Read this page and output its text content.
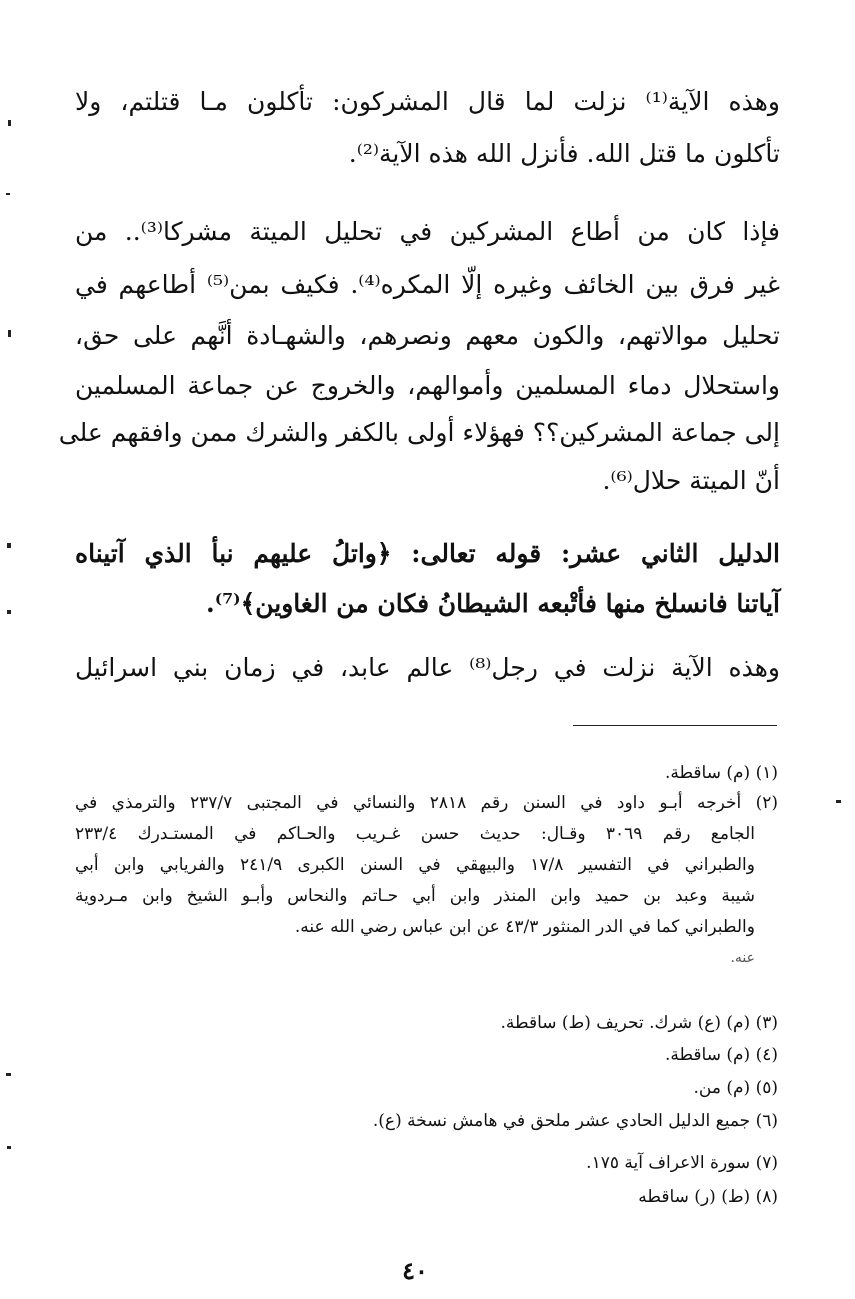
وهذه الآية⁽¹⁾ نزلت لما قال المشركون: تأكلون مـا قتلتم، ولا
تأكلون ما قتل الله. فأنزل الله هذه الآية⁽²⁾.
فإذا كان من أطاع المشركين في تحليل الميتة مشركا⁽³⁾.. من
غير فرق بين الخائف وغيره إلّا المكره⁽⁴⁾. فكيف بمن⁽⁵⁾ أطاعهم في
تحليل موالاتهم، والكون معهم ونصرهم، والشهـادة أنَّهم على حق،
واستحلال دماء المسلمين وأموالهم، والخروج عن جماعة المسلمين
إلى جماعة المشركين؟؟ فهؤلاء أولى بالكفر والشرك ممن وافقهم على
أنّ الميتة حلال⁽⁶⁾.
الدليل الثاني عشر: قوله تعالى: ﴿واتلُ عليهم نبأ الذي آتيناه
آياتنا فانسلخ منها فأتْبعه الشيطانُ فكان من الغاوين﴾⁽⁷⁾.
وهذه الآية نزلت في رجل⁽⁸⁾ عالم عابد، في زمان بني اسرائيل
(١) (م) ساقطة.
(٢) أخرجه أبـو داود في السنن رقم ٢٨١٨ والنسائي في المجتبى ٢٣٧/٧ والترمذي في
الجامع رقم ٣٠٦٩ وقـال: حديث حسن غـريب والحـاكم في المستـدرك ٢٣٣/٤
والطبراني في التفسير ١٧/٨ والبيهقي في السنن الكبرى ٢٤١/٩ والفريابي وابن أبي
شيبة وعبد بن حميد وابن المنذر وابن أبي حـاتم والنحاس وأبـو الشيخ وابن مـردوية
والطبراني كما في الدر المنثور ٤٣/٣ عن ابن عباس رضي الله عنه.
عنه.
(٣) (م) (ع) شرك. تحريف (ط) ساقطة.
(٤) (م) ساقطة.
(٥) (م) من.
(٦) جميع الدليل الحادي عشر ملحق في هامش نسخة (ع).
(٧) سورة الاعراف آية ١٧٥.
(٨) (ط) (ر) ساقطه
٤٠
